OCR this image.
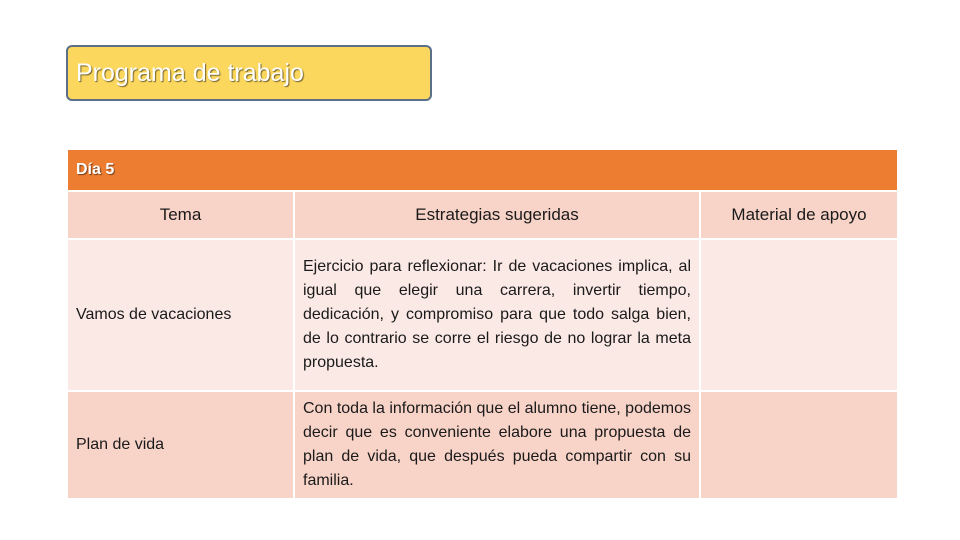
Programa de trabajo
Día 5		
Tema	Estrategias sugeridas	Material de apoyo
Vamos de vacaciones	Ejercicio para reflexionar: Ir de vacaciones implica, al igual que elegir una carrera, invertir tiempo, dedicación, y compromiso para que todo salga bien, de lo contrario se corre el riesgo de no lograr la meta propuesta.	
Plan de vida	Con toda la información que el alumno tiene, podemos decir que es conveniente elabore una propuesta de plan de vida, que después pueda compartir con su familia.	
